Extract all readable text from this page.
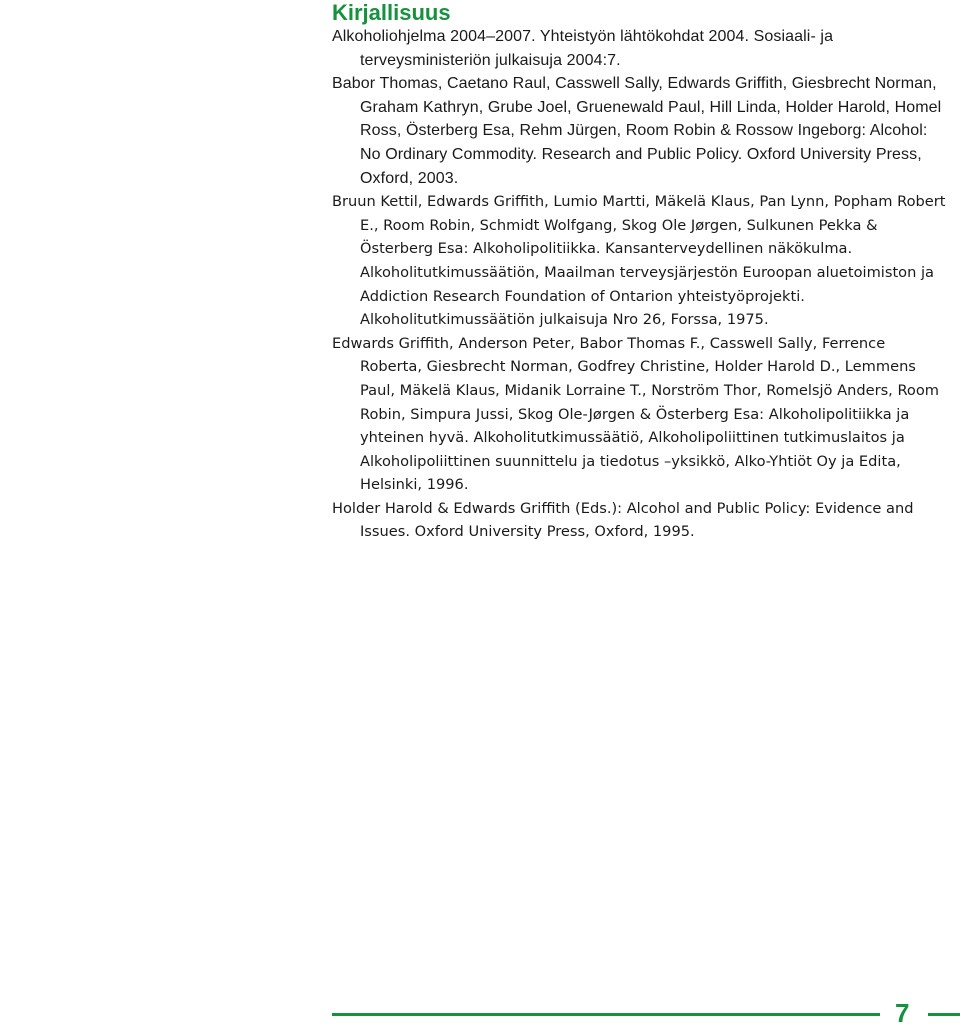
Kirjallisuus
Alkoholiohjelma 2004–2007. Yhteistyön lähtökohdat 2004. Sosiaali- ja terveysministeriön julkaisuja 2004:7.
Babor Thomas, Caetano Raul, Casswell Sally, Edwards Griffith, Giesbrecht Norman, Graham Kathryn, Grube Joel, Gruenewald Paul, Hill Linda, Holder Harold, Homel Ross, Österberg Esa, Rehm Jürgen, Room Robin & Rossow Ingeborg: Alcohol: No Ordinary Commodity. Research and Public Policy. Oxford University Press, Oxford, 2003.
Bruun Kettil, Edwards Griffith, Lumio Martti, Mäkelä Klaus, Pan Lynn, Popham Robert E., Room Robin, Schmidt Wolfgang, Skog Ole Jørgen, Sulkunen Pekka & Österberg Esa: Alkoholipolitiikka. Kansanterveydellinen näkökulma. Alkoholitutkimussäätiön, Maailman terveysjärjestön Euroopan aluetoimiston ja Addiction Research Foundation of Ontarion yhteistyöprojekti. Alkoholitutkimussäätiön julkaisuja Nro 26, Forssa, 1975.
Edwards Griffith, Anderson Peter, Babor Thomas F., Casswell Sally, Ferrence Roberta, Giesbrecht Norman, Godfrey Christine, Holder Harold D., Lemmens Paul, Mäkelä Klaus, Midanik Lorraine T., Norström Thor, Romelsjö Anders, Room Robin, Simpura Jussi, Skog Ole-Jørgen & Österberg Esa: Alkoholipolitiikka ja yhteinen hyvä. Alkoholitutkimussäätiö, Alkoholipoliittinen tutkimuslaitos ja Alkoholipoliittinen suunnittelu ja tiedotus –yksikkö, Alko-Yhtiöt Oy ja Edita, Helsinki, 1996.
Holder Harold & Edwards Griffith (Eds.): Alcohol and Public Policy: Evidence and Issues. Oxford University Press, Oxford, 1995.
7
